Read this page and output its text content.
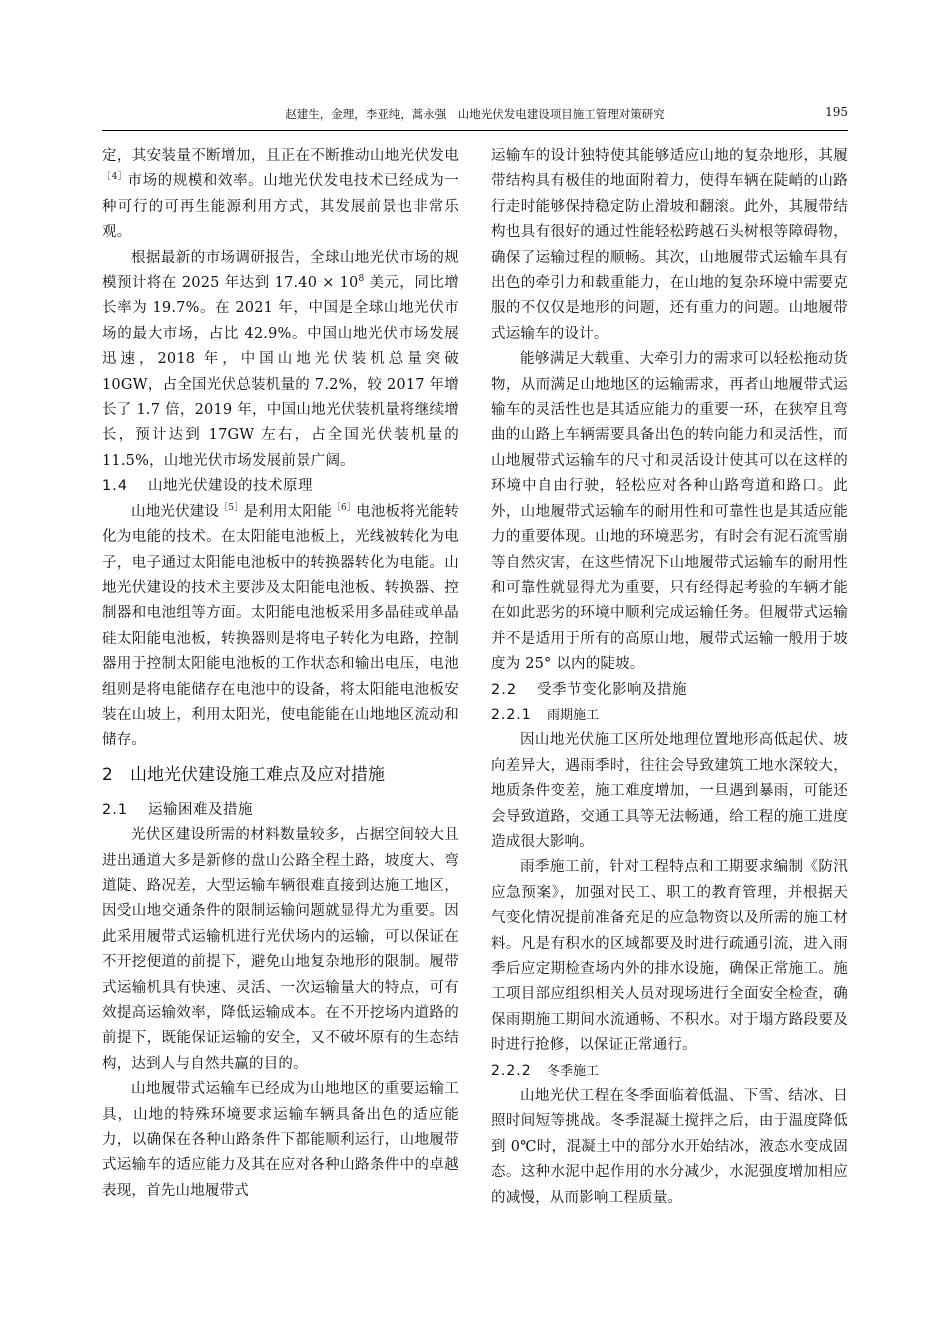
赵建生，金理，李亚纯，蒿永强　山地光伏发电建设项目施工管理对策研究	195

定，其安装量不断增加，且正在不断推动山地光伏发电$^{[4]}$市场的规模和效率。山地光伏发电技术已经成为一种可行的可再生能源利用方式，其发展前景也非常乐观。

根据最新的市场调研报告，全球山地光伏市场的规模预计将在 2025 年达到 $17.40 \times 10^8$ 美元，同比增长率为 19.7%。在 2021 年，中国是全球山地光伏市场的最大市场，占比 42.9%。中国山地光伏市场发展迅速，2018 年，中国山地光伏装机总量突破 10GW，占全国光伏总装机量的 7.2%，较 2017 年增长了 1.7 倍，2019 年，中国山地光伏装机量将继续增长，预计达到 17GW 左右，占全国光伏装机量的 11.5%，山地光伏市场发展前景广阔。

1.4 山地光伏建设的技术原理

山地光伏建设$^{[5]}$是利用太阳能$^{[6]}$电池板将光能转化为电能的技术。在太阳能电池板上，光线被转化为电子，电子通过太阳能电池板中的转换器转化为电能。山地光伏建设的技术主要涉及太阳能电池板、转换器、控制器和电池组等方面。太阳能电池板采用多晶硅或单晶硅太阳能电池板，转换器则是将电子转化为电路，控制器用于控制太阳能电池板的工作状态和输出电压，电池组则是将电能储存在电池中的设备，将太阳能电池板安装在山坡上，利用太阳光，使电能能在山地地区流动和储存。

2 山地光伏建设施工难点及应对措施
2.1 运输困难及措施

光伏区建设所需的材料数量较多，占据空间较大且进出通道大多是新修的盘山公路全程土路，坡度大、弯道陡、路况差，大型运输车辆很难直接到达施工地区，因受山地交通条件的限制运输问题就显得尤为重要。因此采用履带式运输机进行光伏场内的运输，可以保证在不开挖便道的前提下，避免山地复杂地形的限制。履带式运输机具有快速、灵活、一次运输量大的特点，可有效提高运输效率，降低运输成本。在不开挖场内道路的前提下，既能保证运输的安全，又不破坏原有的生态结构，达到人与自然共赢的目的。

山地履带式运输车已经成为山地地区的重要运输工具，山地的特殊环境要求运输车辆具备出色的适应能力，以确保在各种山路条件下都能顺利运行，山地履带式运输车的适应能力及其在应对各种山路条件中的卓越表现，首先山地履带式

运输车的设计独特使其能够适应山地的复杂地形，其履带结构具有极佳的地面附着力，使得车辆在陡峭的山路行走时能够保持稳定防止滑坡和翻滚。此外，其履带结构也具有很好的通过性能轻松跨越石头树根等障碍物，确保了运输过程的顺畅。其次，山地履带式运输车具有出色的牵引力和载重能力，在山地的复杂环境中需要克服的不仅仅是地形的问题，还有重力的问题。山地履带式运输车的设计。

能够满足大载重、大牵引力的需求可以轻松拖动货物，从而满足山地地区的运输需求，再者山地履带式运输车的灵活性也是其适应能力的重要一环，在狭窄且弯曲的山路上车辆需要具备出色的转向能力和灵活性，而山地履带式运输车的尺寸和灵活设计使其可以在这样的环境中自由行驶，轻松应对各种山路弯道和路口。此外，山地履带式运输车的耐用性和可靠性也是其适应能力的重要体现。山地的环境恶劣，有时会有泥石流雪崩等自然灾害，在这些情况下山地履带式运输车的耐用性和可靠性就显得尤为重要，只有经得起考验的车辆才能在如此恶劣的环境中顺利完成运输任务。但履带式运输并不是适用于所有的高原山地，履带式运输一般用于坡度为 25° 以内的陡坡。

2.2 受季节变化影响及措施
2.2.1 雨期施工

因山地光伏施工区所处地理位置地形高低起伏、坡向差异大，遇雨季时，往往会导致建筑工地水深较大，地质条件变差，施工难度增加，一旦遇到暴雨，可能还会导致道路，交通工具等无法畅通，给工程的施工进度造成很大影响。

雨季施工前，针对工程特点和工期要求编制《防汛应急预案》，加强对民工、职工的教育管理，并根据天气变化情况提前准备充足的应急物资以及所需的施工材料。凡是有积水的区域都要及时进行疏通引流，进入雨季后应定期检查场内外的排水设施，确保正常施工。施工项目部应组织相关人员对现场进行全面安全检查，确保雨期施工期间水流通畅、不积水。对于塌方路段要及时进行抢修，以保证正常通行。

2.2.2 冬季施工

山地光伏工程在冬季面临着低温、下雪、结冰、日照时间短等挑战。冬季混凝土搅拌之后，由于温度降低到 0℃时，混凝土中的部分水开始结冰，液态水变成固态。这种水泥中起作用的水分减少，水泥强度增加相应的减慢，从而影响工程质量。
